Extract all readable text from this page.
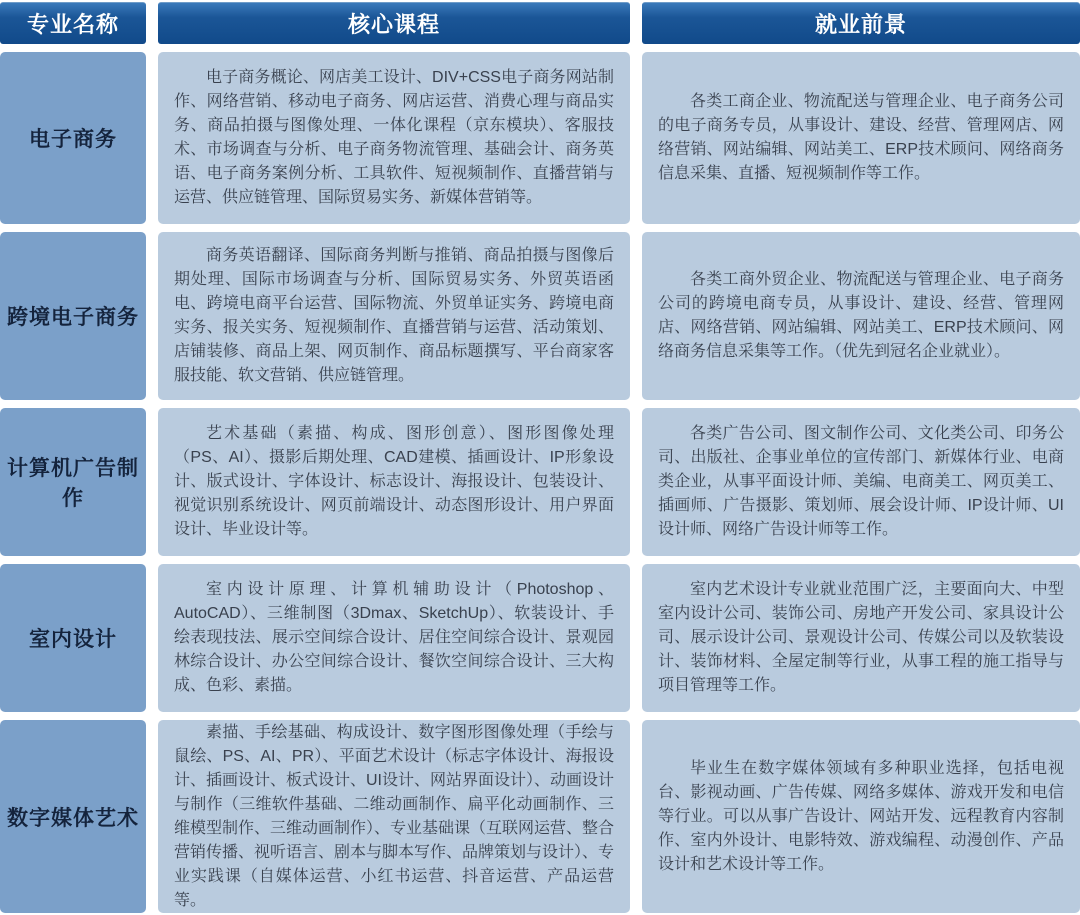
专业名称	核心课程	就业前景
电子商务

电子商务概论、网店美工设计、DIV+CSS电子商务网站制作、网络营销、移动电子商务、网店运营、消费心理与商品实务、商品拍摄与图像处理、一体化课程（京东模块）、客服技术、市场调查与分析、电子商务物流管理、基础会计、商务英语、电子商务案例分析、工具软件、短视频制作、直播营销与运营、供应链管理、国际贸易实务、新媒体营销等。

各类工商企业、物流配送与管理企业、电子商务公司的电子商务专员，从事设计、建设、经营、管理网店、网络营销、网站编辑、网站美工、ERP技术顾问、网络商务信息采集、直播、短视频制作等工作。

跨境电子商务

商务英语翻译、国际商务判断与推销、商品拍摄与图像后期处理、国际市场调查与分析、国际贸易实务、外贸英语函电、跨境电商平台运营、国际物流、外贸单证实务、跨境电商实务、报关实务、短视频制作、直播营销与运营、活动策划、店铺装修、商品上架、网页制作、商品标题撰写、平台商家客服技能、软文营销、供应链管理。

各类工商外贸企业、物流配送与管理企业、电子商务公司的跨境电商专员，从事设计、建设、经营、管理网店、网络营销、网站编辑、网站美工、ERP技术顾问、网络商务信息采集等工作。（优先到冠名企业就业）。

计算机广告制作

艺术基础（素描、构成、图形创意）、图形图像处理（PS、AI）、摄影后期处理、CAD建模、插画设计、IP形象设计、版式设计、字体设计、标志设计、海报设计、包装设计、视觉识别系统设计、网页前端设计、动态图形设计、用户界面设计、毕业设计等。

各类广告公司、图文制作公司、文化类公司、印务公司、出版社、企事业单位的宣传部门、新媒体行业、电商类企业，从事平面设计师、美编、电商美工、网页美工、插画师、广告摄影、策划师、展会设计师、IP设计师、UI设计师、网络广告设计师等工作。

室内设计

室内设计原理、计算机辅助设计（Photoshop、AutoCAD）、三维制图（3Dmax、SketchUp）、软装设计、手绘表现技法、展示空间综合设计、居住空间综合设计、景观园林综合设计、办公空间综合设计、餐饮空间综合设计、三大构成、色彩、素描。

室内艺术设计专业就业范围广泛，主要面向大、中型室内设计公司、装饰公司、房地产开发公司、家具设计公司、展示设计公司、景观设计公司、传媒公司以及软装设计、装饰材料、全屋定制等行业，从事工程的施工指导与项目管理等工作。

数字媒体艺术

素描、手绘基础、构成设计、数字图形图像处理（手绘与鼠绘、PS、AI、PR）、平面艺术设计（标志字体设计、海报设计、插画设计、板式设计、UI设计、网站界面设计）、动画设计与制作（三维软件基础、二维动画制作、扁平化动画制作、三维模型制作、三维动画制作）、专业基础课（互联网运营、整合营销传播、视听语言、剧本与脚本写作、品牌策划与设计）、专业实践课（自媒体运营、小红书运营、抖音运营、产品运营等。

毕业生在数字媒体领域有多种职业选择，包括电视台、影视动画、广告传媒、网络多媒体、游戏开发和电信等行业。可以从事广告设计、网站开发、远程教育内容制作、室内外设计、电影特效、游戏编程、动漫创作、产品设计和艺术设计等工作。
